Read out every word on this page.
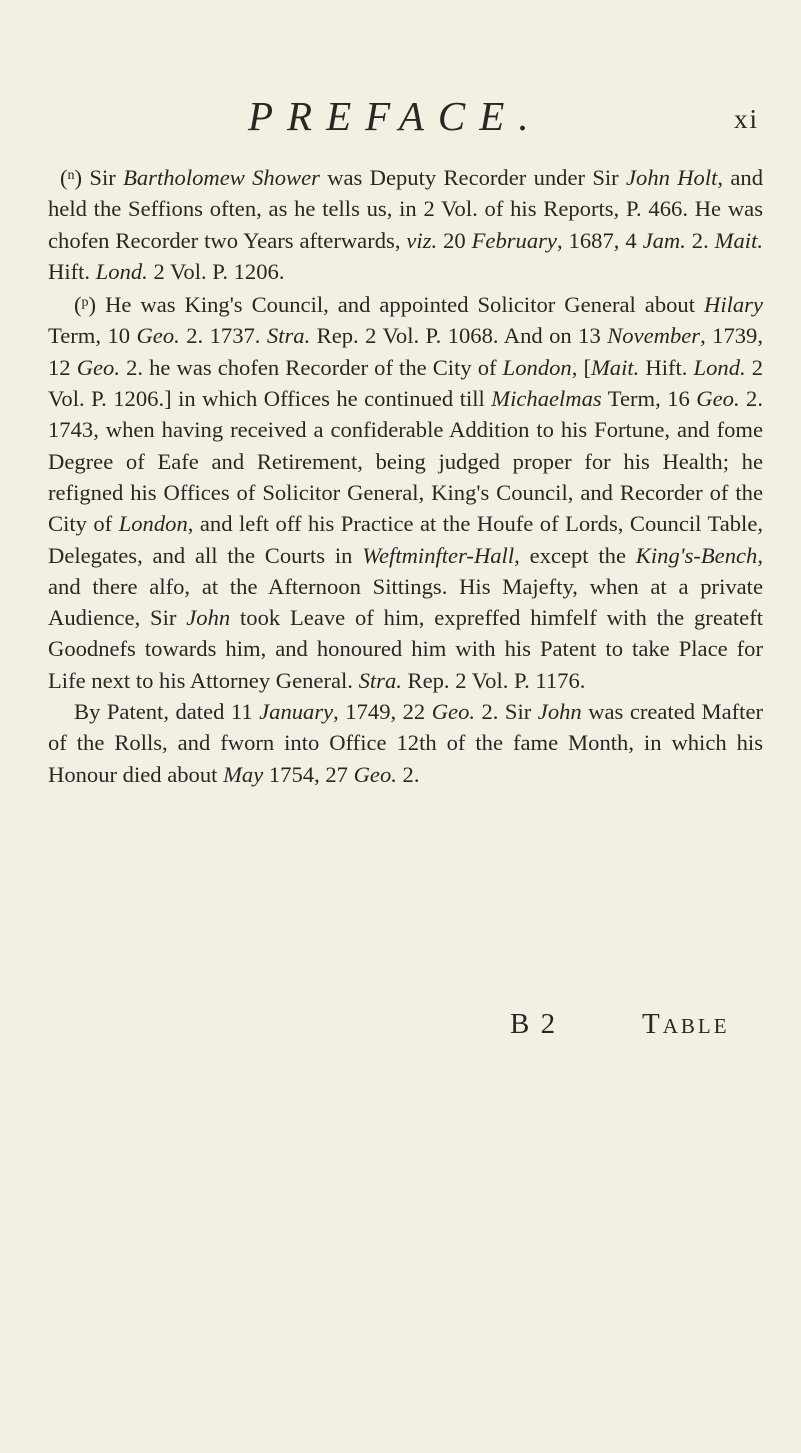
PREFACE.	xi

($^n$) Sir Bartholomew Shower was Deputy Recorder under Sir John Holt, and held the Seffions often, as he tells us, in 2 Vol. of his Reports, P. 466. He was chofen Recorder two Years afterwards, viz. 20 February, 1687, 4 Jam. 2. Mait. Hift. Lond. 2 Vol. P. 1206.

($^p$) He was King's Council, and appointed Solicitor General about Hilary Term, 10 Geo. 2. 1737. Stra. Rep. 2 Vol. P. 1068. And on 13 November, 1739, 12 Geo. 2. he was chofen Recorder of the City of London, [Mait. Hift. Lond. 2 Vol. P. 1206.] in which Offices he continued till Michaelmas Term, 16 Geo. 2. 1743, when having received a confiderable Addition to his Fortune, and fome Degree of Eafe and Retirement, being judged proper for his Health; he refigned his Offices of Solicitor General, King's Council, and Recorder of the City of London, and left off his Practice at the Houfe of Lords, Council Table, Delegates, and all the Courts in Weftminfter-Hall, except the King's-Bench, and there alfo, at the Afternoon Sittings. His Majefty, when at a private Audience, Sir John took Leave of him, expreffed himfelf with the greateft Goodnefs towards him, and honoured him with his Patent to take Place for Life next to his Attorney General. Stra. Rep. 2 Vol. P. 1176.

By Patent, dated 11 January, 1749, 22 Geo. 2. Sir John was created Mafter of the Rolls, and fworn into Office 12th of the fame Month, in which his Honour died about May 1754, 27 Geo. 2.

B 2	TABLE
